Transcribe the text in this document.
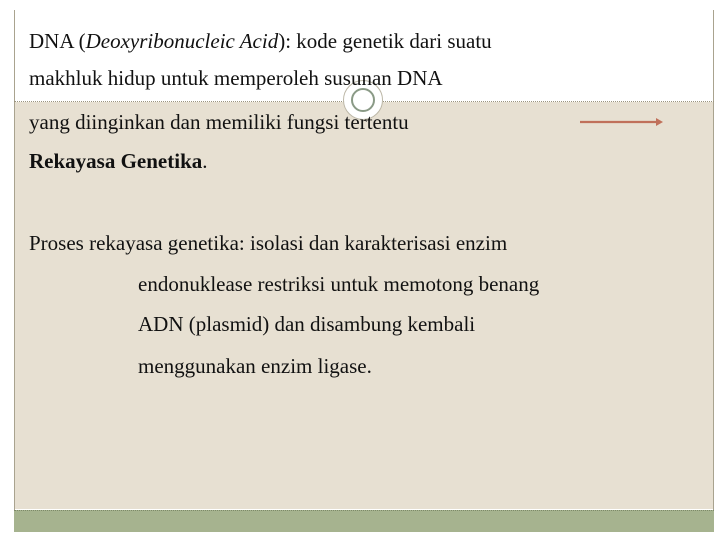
DNA (Deoxyribonucleic Acid): kode genetik dari suatu

makhluk hidup untuk memperoleh susunan DNA

yang diinginkan dan memiliki fungsi tertentu

Rekayasa Genetika.

Proses rekayasa genetika: isolasi dan karakterisasi enzim

endonuklease restriksi untuk memotong benang

ADN (plasmid) dan disambung kembali

menggunakan enzim ligase.
